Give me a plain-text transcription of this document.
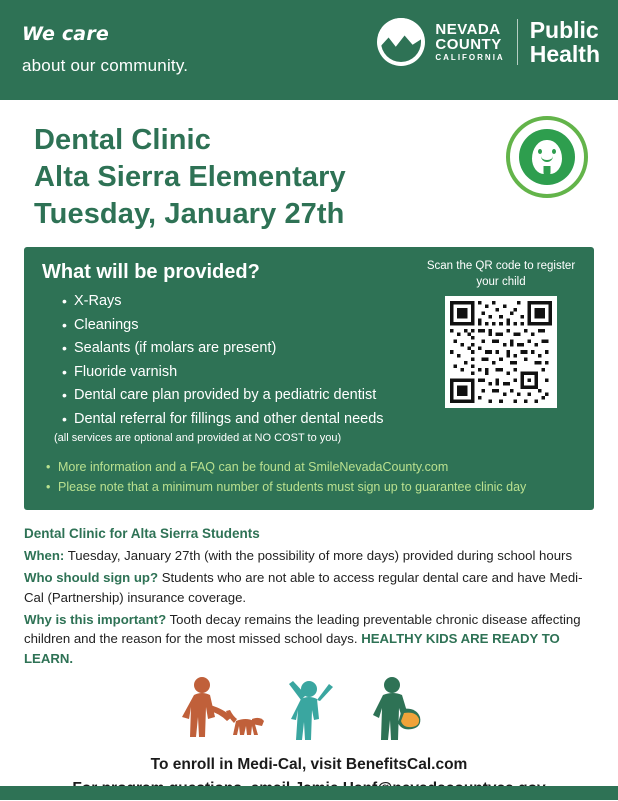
We care
about our community.
NEVADA
COUNTY
CALIFORNIA
Public
Health
Dental Clinic
Alta Sierra Elementary
Tuesday, January 27th
What will be provided?
• X-Rays
• Cleanings
• Sealants (if molars are present)
• Fluoride varnish
• Dental care plan provided by a pediatric dentist
• Dental referral for fillings and other dental needs
(all services are optional and provided at NO COST to you)
Scan the QR code to register your child
• More information and a FAQ can be found at SmileNevadaCounty.com
• Please note that a minimum number of students must sign up to guarantee clinic day
Dental Clinic for Alta Sierra Students

When: Tuesday, January 27th (with the possibility of more days) provided during school hours

Who should sign up? Students who are not able to access regular dental care and have Medi-Cal (Partnership) insurance coverage.

Why is this important? Tooth decay remains the leading preventable chronic disease affecting children and the reason for the most missed school days. HEALTHY KIDS ARE READY TO LEARN.

To enroll in Medi-Cal, visit BenefitsCal.com
